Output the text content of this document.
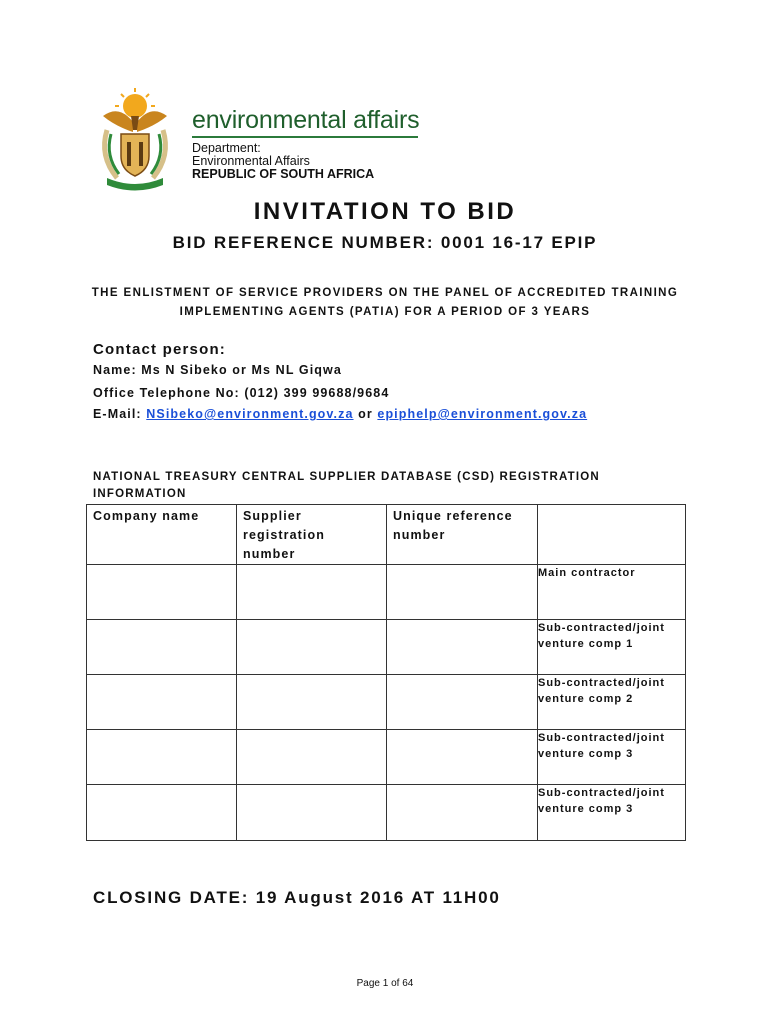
environmental affairs
Department:
Environmental Affairs
REPUBLIC OF SOUTH AFRICA
INVITATION TO BID
BID REFERENCE NUMBER: 0001 16-17 EPIP
THE ENLISTMENT OF SERVICE PROVIDERS ON THE PANEL OF ACCREDITED TRAINING IMPLEMENTING AGENTS (PATIA) FOR A PERIOD OF 3 YEARS
Contact person:
Name: Ms N Sibeko or Ms NL Giqwa
Office Telephone No: (012) 399 99688/9684
E-Mail: NSibeko@environment.gov.za or epiphelp@environment.gov.za
NATIONAL TREASURY CENTRAL SUPPLIER DATABASE (CSD) REGISTRATION INFORMATION
Company name	Supplier registration number	Unique reference number	
			Main contractor
			Sub-contracted/joint venture comp 1
			Sub-contracted/joint venture comp 2
			Sub-contracted/joint venture comp 3
			Sub-contracted/joint venture comp 3
CLOSING DATE: 19 August 2016 AT 11H00
Page 1 of 64
